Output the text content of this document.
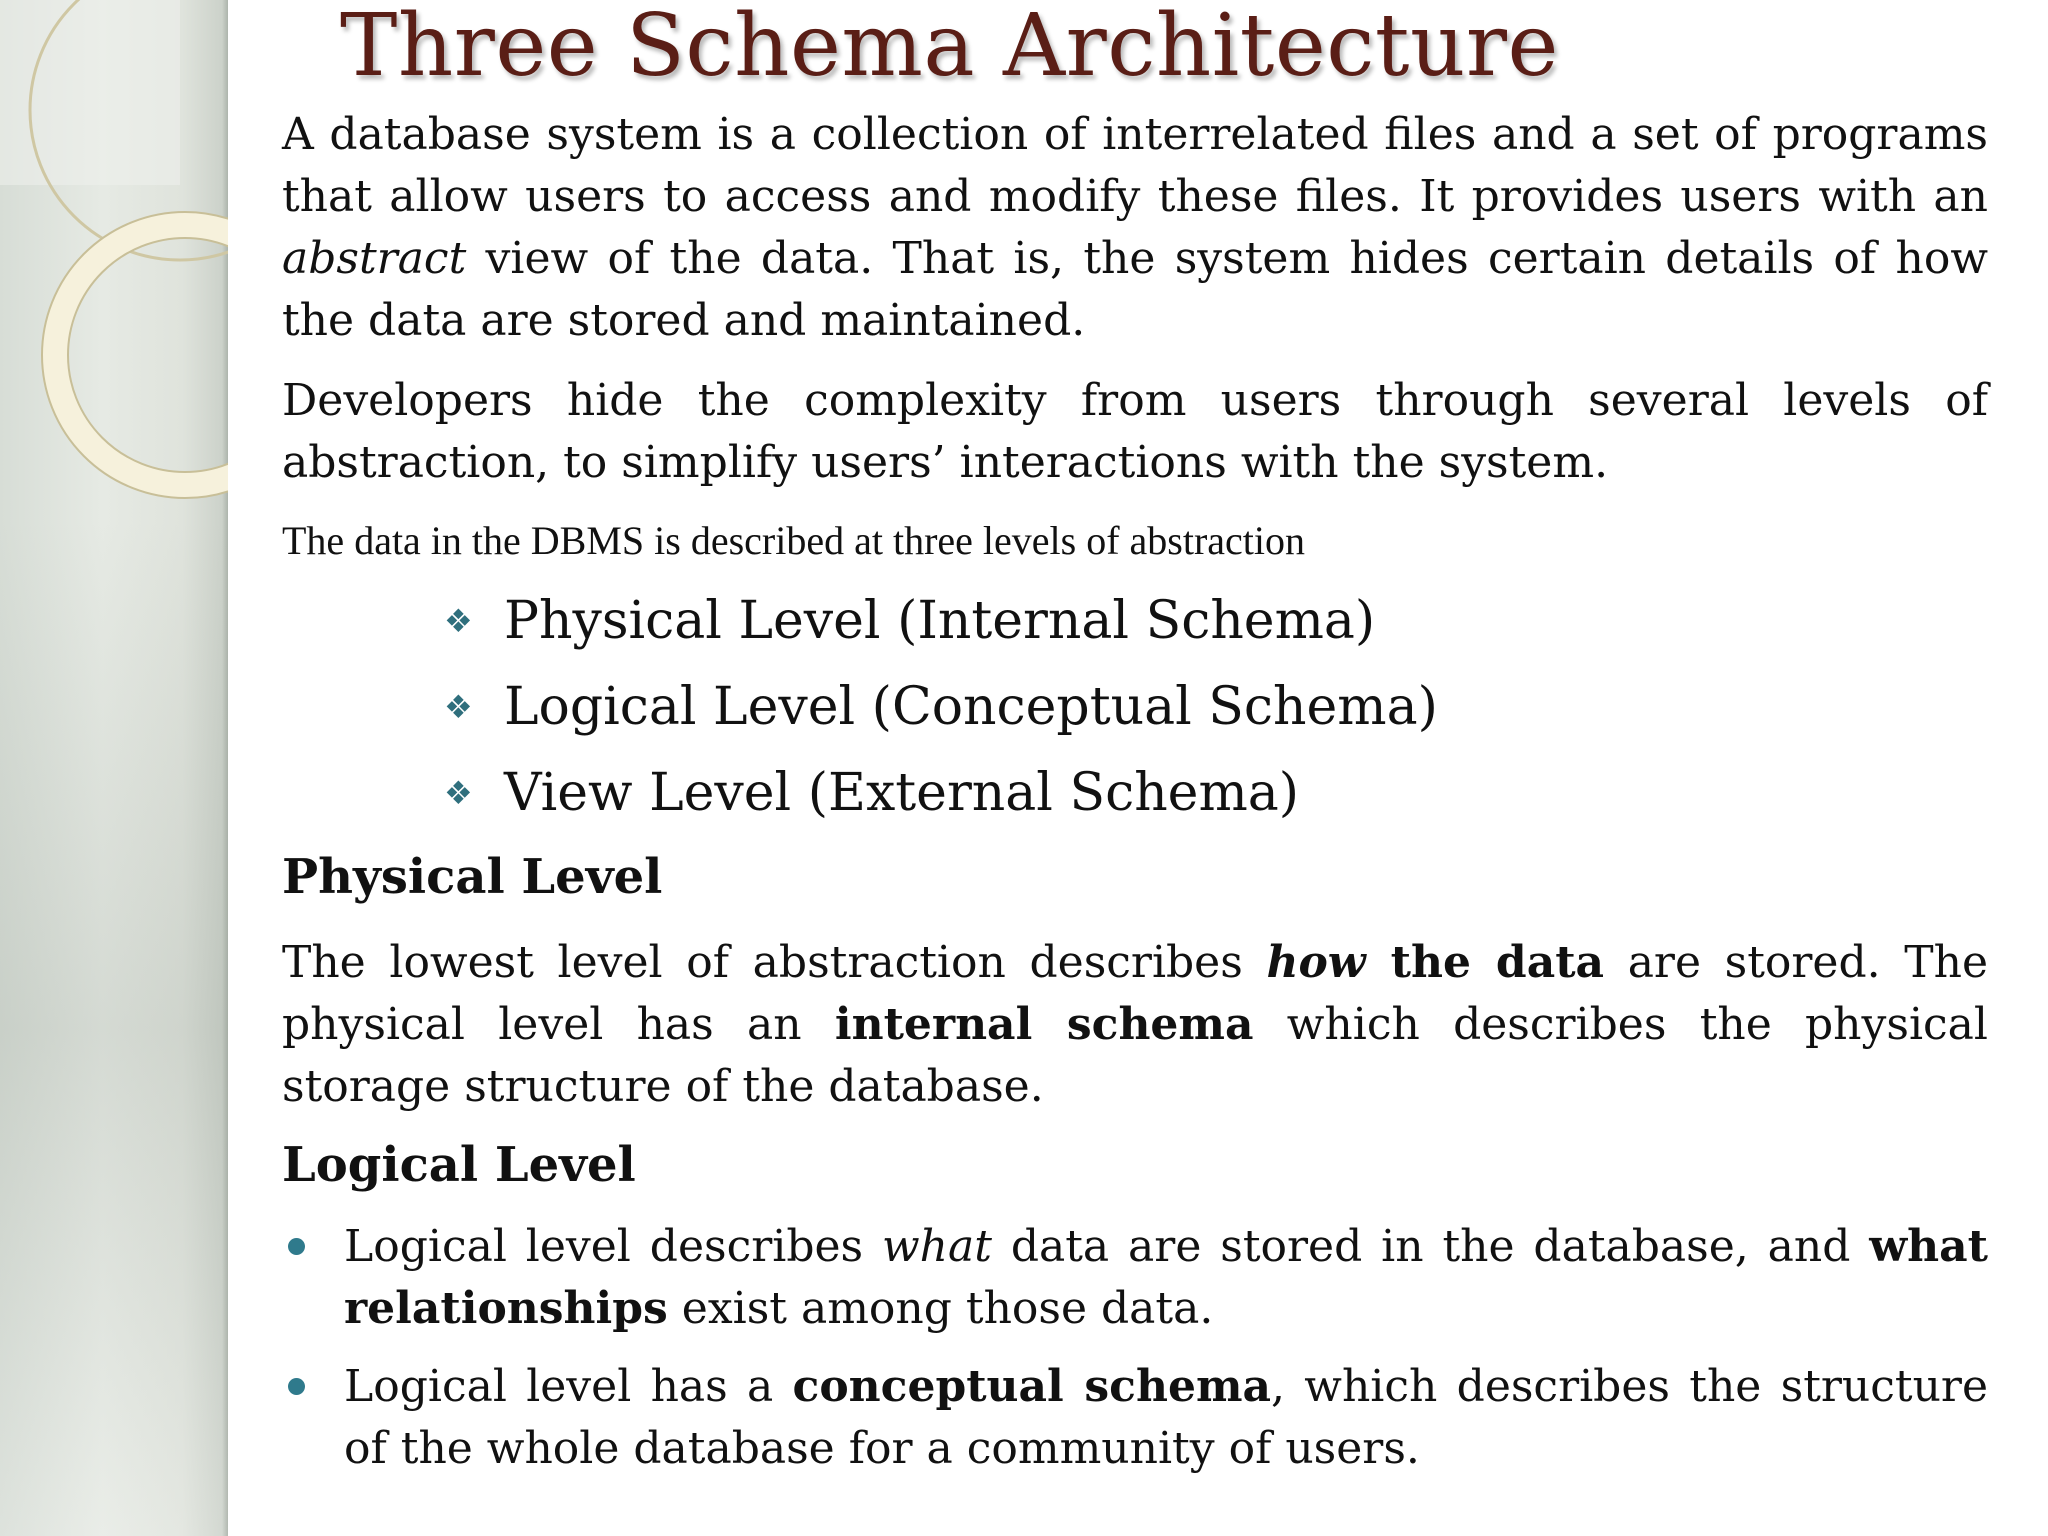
Three Schema Architecture
A database system is a collection of interrelated files and a set of programs that allow users to access and modify these files. It provides users with an abstract view of the data. That is, the system hides certain details of how the data are stored and maintained.
Developers hide the complexity from users through several levels of abstraction, to simplify users’ interactions with the system.
The data in the DBMS is described at three levels of abstraction
❖ Physical Level (Internal Schema)
❖ Logical Level (Conceptual Schema)
❖ View Level (External Schema)
Physical Level
The lowest level of abstraction describes how the data are stored. The physical level has an internal schema which describes the physical storage structure of the database.
Logical Level
Logical level describes what data are stored in the database, and what relationships exist among those data.
Logical level has a conceptual schema, which describes the structure of the whole database for a community of users.
